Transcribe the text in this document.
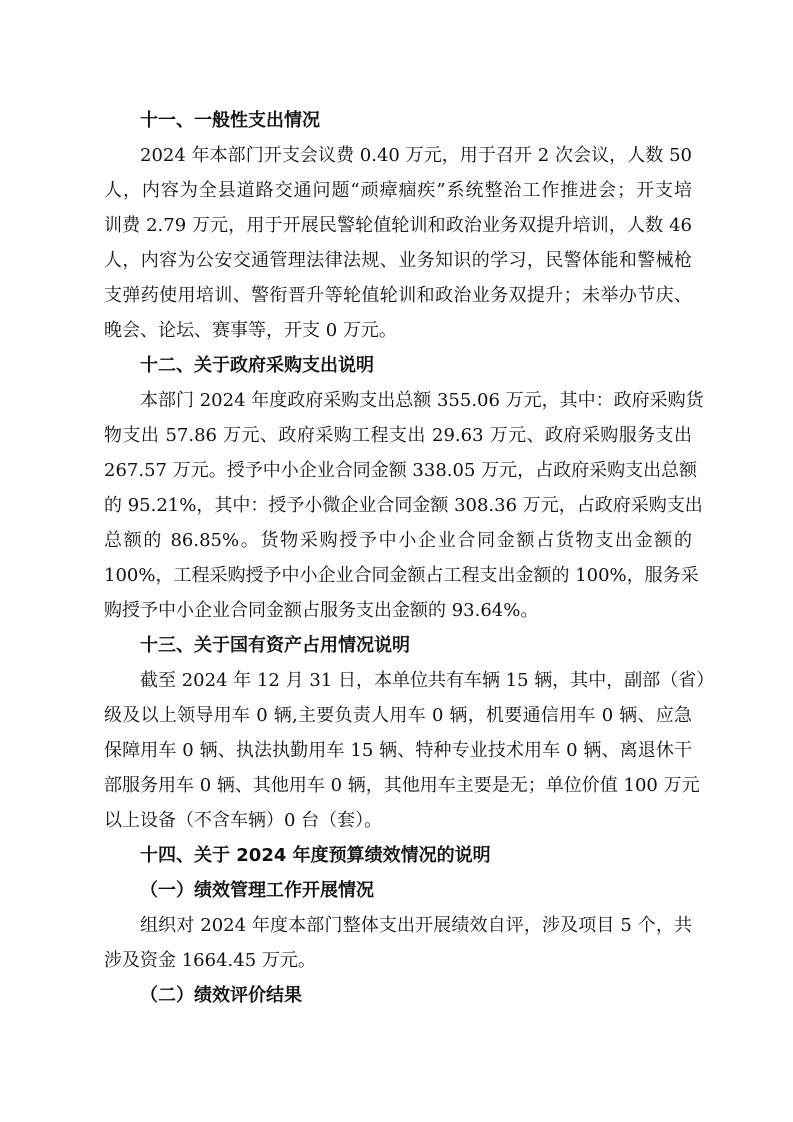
十一、一般性支出情况

2024 年本部门开支会议费 0.40 万元，用于召开 2 次会议，人数 50
人，内容为全县道路交通问题“顽瘴痼疾”系统整治工作推进会；开支培
训费 2.79 万元，用于开展民警轮值轮训和政治业务双提升培训，人数 46
人，内容为公安交通管理法律法规、业务知识的学习，民警体能和警械枪
支弹药使用培训、警衔晋升等轮值轮训和政治业务双提升；未举办节庆、
晚会、论坛、赛事等，开支 0 万元。

十二、关于政府采购支出说明

本部门 2024 年度政府采购支出总额 355.06 万元，其中：政府采购货
物支出 57.86 万元、政府采购工程支出 29.63 万元、政府采购服务支出
267.57 万元。授予中小企业合同金额 338.05 万元，占政府采购支出总额
的 95.21%，其中：授予小微企业合同金额 308.36 万元，占政府采购支出
总额的 86.85%。货物采购授予中小企业合同金额占货物支出金额的
100%，工程采购授予中小企业合同金额占工程支出金额的 100%，服务采
购授予中小企业合同金额占服务支出金额的 93.64%。

十三、关于国有资产占用情况说明

截至 2024 年 12 月 31 日，本单位共有车辆 15 辆，其中，副部（省）
级及以上领导用车 0 辆,主要负责人用车 0 辆，机要通信用车 0 辆、应急
保障用车 0 辆、执法执勤用车 15 辆、特种专业技术用车 0 辆、离退休干
部服务用车 0 辆、其他用车 0 辆，其他用车主要是无；单位价值 100 万元
以上设备（不含车辆）0 台（套）。

十四、关于 2024 年度预算绩效情况的说明
（一）绩效管理工作开展情况

组织对 2024 年度本部门整体支出开展绩效自评，涉及项目 5 个，共
涉及资金 1664.45 万元。

（二）绩效评价结果
